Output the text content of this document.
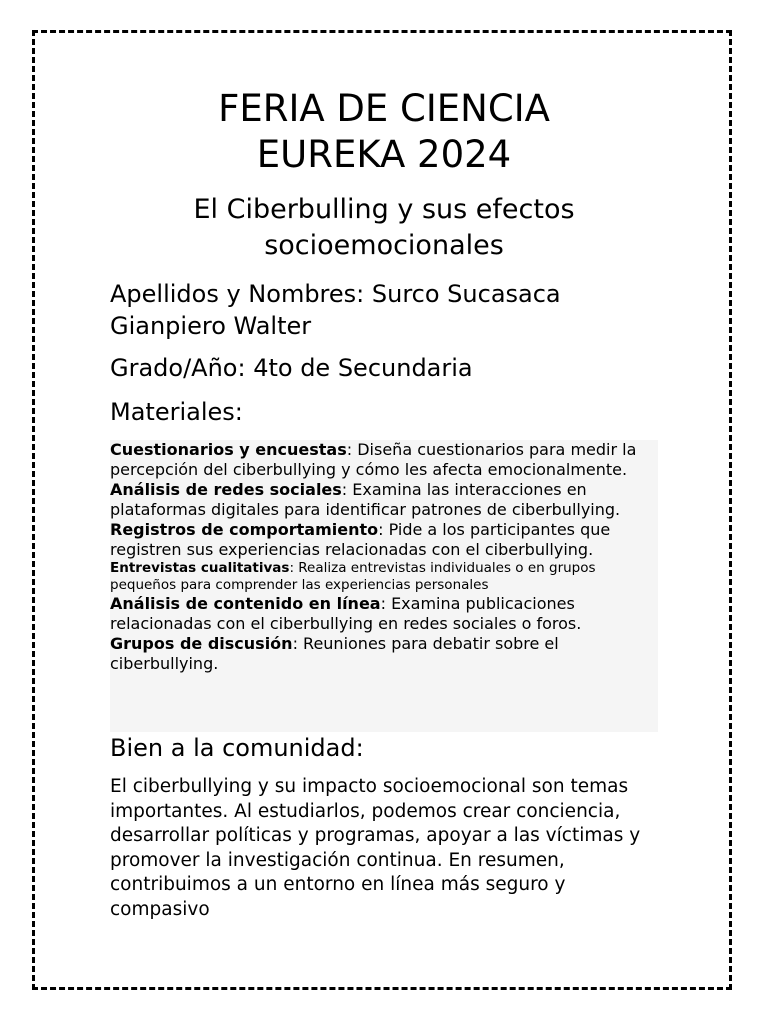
FERIA DE CIENCIA
EUREKA 2024
El Ciberbulling y sus efectos
socioemocionales

Apellidos y Nombres: Surco Sucasaca Gianpiero Walter

Grado/Año: 4to de Secundaria

Materiales:

Cuestionarios y encuestas: Diseña cuestionarios para medir la percepción del ciberbullying y cómo les afecta emocionalmente.

Análisis de redes sociales: Examina las interacciones en plataformas digitales para identificar patrones de ciberbullying.

Registros de comportamiento: Pide a los participantes que registren sus experiencias relacionadas con el ciberbullying.

Entrevistas cualitativas: Realiza entrevistas individuales o en grupos pequeños para comprender las experiencias personales

Análisis de contenido en línea: Examina publicaciones relacionadas con el ciberbullying en redes sociales o foros.

Grupos de discusión: Reuniones para debatir sobre el ciberbullying.

Bien a la comunidad:

El ciberbullying y su impacto socioemocional son temas importantes. Al estudiarlos, podemos crear conciencia, desarrollar políticas y programas, apoyar a las víctimas y promover la investigación continua. En resumen, contribuimos a un entorno en línea más seguro y compasivo
